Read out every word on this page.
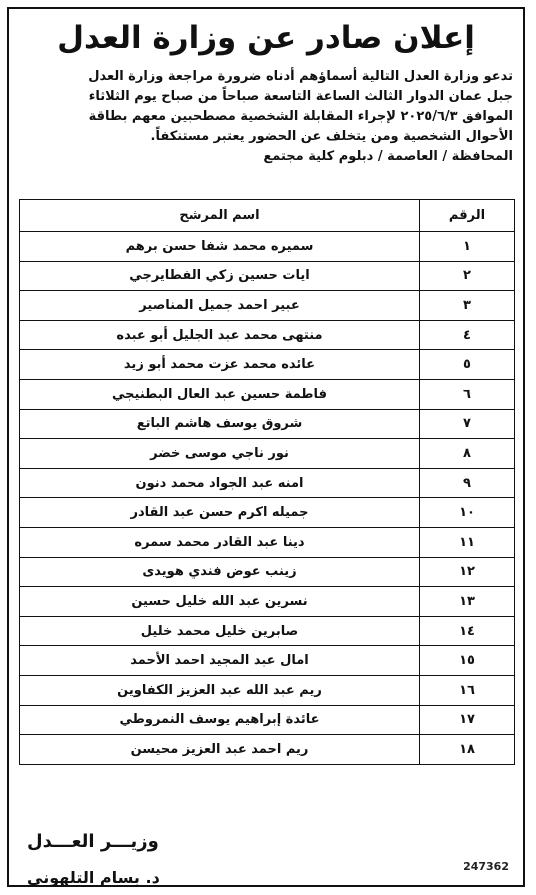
إعلان صادر عن وزارة العدل

تدعو وزارة العدل التالية أسماؤهم أدناه ضرورة مراجعة وزارة العدل

جبل عمان الدوار الثالث الساعة التاسعة صباحاً من صباح يوم الثلاثاء

الموافق ٢٠٢٥/٦/٣ لإجراء المقابلة الشخصية مصطحبين معهم بطاقة

الأحوال الشخصية ومن يتخلف عن الحضور يعتبر مستنكفاً.

المحافظة / العاصمة / دبلوم كلية مجتمع

الرقم	اسم المرشح
١	سميره محمد شفا حسن برهم
٢	ايات حسين زكي الفطايرجي
٣	عبير احمد جميل المناصير
٤	منتهى محمد عبد الجليل أبو عبده
٥	عائده محمد عزت محمد أبو زيد
٦	فاطمة حسين عبد العال البطنيجي
٧	شروق يوسف هاشم الباتع
٨	نور ناجي موسى خضر
٩	امنه عبد الجواد محمد دنون
١٠	جميله اكرم حسن عبد القادر
١١	دينا عبد القادر محمد سمره
١٢	زينب عوض فندي هويدى
١٣	نسرين عبد الله خليل حسين
١٤	صابرين خليل محمد خليل
١٥	امال عبد المجيد احمد الأحمد
١٦	ريم عبد الله عبد العزيز الكفاوين
١٧	عائدة إبراهيم يوسف النمروطي
١٨	ريم احمد عبد العزيز محيسن
وزيـــر العـــدل
د. بسام التلهوني
247362
